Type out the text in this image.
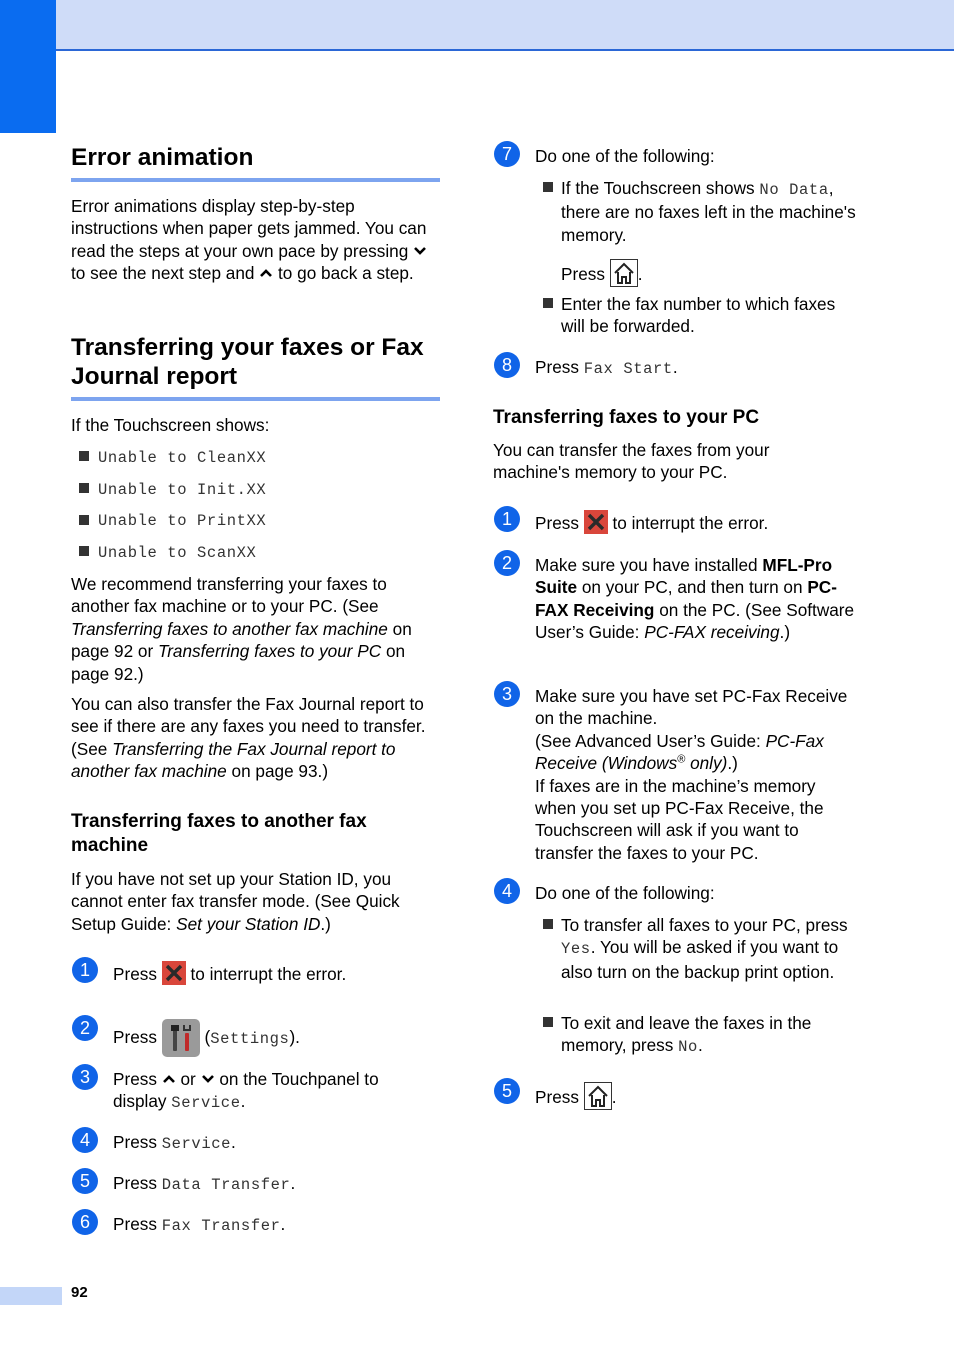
Error animation

Error animations display step-by-step instructions when paper gets jammed. You can read the steps at your own pace by pressing  to see the next step and to go back a step.

Transferring your faxes or Fax Journal report

If the Touchscreen shows:

Unable to CleanXX
Unable to Init.XX
Unable to PrintXX
Unable to ScanXX

We recommend transferring your faxes to another fax machine or to your PC. (See Transferring faxes to another fax machine on page 92 or Transferring faxes to your PC on page 92.)

You can also transfer the Fax Journal report to see if there are any faxes you need to transfer. (See Transferring the Fax Journal report to another fax machine on page 93.)

Transferring faxes to another fax machine

If you have not set up your Station ID, you cannot enter fax transfer mode. (See Quick Setup Guide: Set your Station ID.)

1	Press to interrupt the error.

2	Press	(Settings).

3	Press or on the Touchpanel to display Service.

4	Press Service.

5	Press Data Transfer.

6	Press Fax Transfer.

7	Do one of the following:

If the Touchscreen shows No Data, there are no faxes left in the machine's memory.

Press .

Enter the fax number to which faxes will be forwarded.

8	Press Fax Start.

Transferring faxes to your PC

You can transfer the faxes from your machine's memory to your PC.

1	Press to interrupt the error.

2	Make sure you have installed MFL-Pro Suite on your PC, and then turn on PC-FAX Receiving on the PC. (See Software User’s Guide: PC-FAX receiving.)

3	Make sure you have set PC-Fax Receive on the machine.

(See Advanced User’s Guide: PC-Fax Receive (Windows® only).)

If faxes are in the machine’s memory when you set up PC-Fax Receive, the Touchscreen will ask if you want to transfer the faxes to your PC.

4	Do one of the following:

To transfer all faxes to your PC, press Yes. You will be asked if you want to also turn on the backup print option.

To exit and leave the faxes in the memory, press No.

5	Press .

92
